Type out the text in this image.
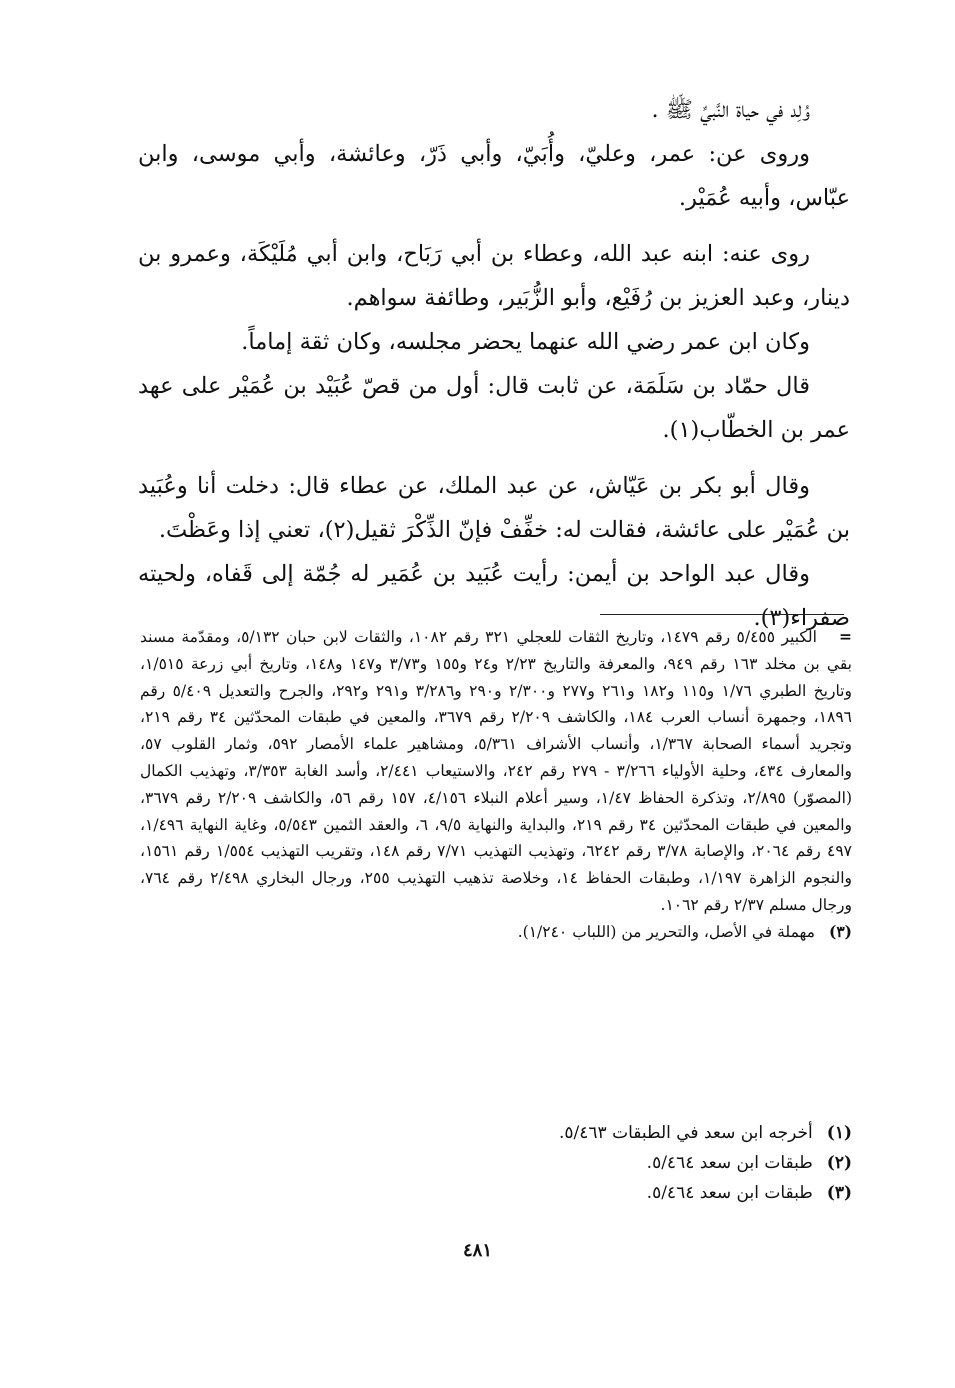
وُلِد في حياة النَّبيِّ ﷺ .

وروى عن: عمر، وعليّ، وأُبَيّ، وأبي ذَرّ، وعائشة، وأبي موسى، وابن عبّاس، وأبيه عُمَيْر.

روى عنه: ابنه عبد الله، وعطاء بن أبي رَبَاح، وابن أبي مُلَيْكَة، وعمرو بن دينار، وعبد العزيز بن رُفَيْع، وأبو الزُّبَير، وطائفة سواهم.

وكان ابن عمر رضي الله عنهما يحضر مجلسه، وكان ثقة إماماً.

قال حمّاد بن سَلَمَة، عن ثابت قال: أول من قصّ عُبَيْد بن عُمَيْر على عهد عمر بن الخطّاب(١).

وقال أبو بكر بن عَيّاش، عن عبد الملك، عن عطاء قال: دخلت أنا وعُبَيد بن عُمَيْر على عائشة، فقالت له: خفِّفْ فإنّ الذِّكْرَ ثقيل(٢)، تعني إذا وعَظْتَ.

وقال عبد الواحد بن أيمن: رأيت عُبَيد بن عُمَير له جُمّة إلى قَفاه، ولحيته صفراء(٣).

=الكبير ٥/٤٥٥ رقم ١٤٧٩، وتاريخ الثقات للعجلي ٣٢١ رقم ١٠٨٢، والثقات لابن حبان ٥/١٣٢، ومقدّمة مسند بقي بن مخلد ١٦٣ رقم ٩٤٩، والمعرفة والتاريخ ٢/٢٣ و٢٤ و١٥٥ و٣/٧٣ و١٤٧ و١٤٨، وتاريخ أبي زرعة ١/٥١٥، وتاريخ الطبري ١/٧٦ و١١٥ و١٨٢ و٢٦١ و٢٧٧ و٢/٣٠٠ و٢٩٠ و٣/٢٨٦ و٢٩١ و٢٩٢، والجرح والتعديل ٥/٤٠٩ رقم ١٨٩٦، وجمهرة أنساب العرب ١٨٤، والكاشف ٢/٢٠٩ رقم ٣٦٧٩، والمعين في طبقات المحدّثين ٣٤ رقم ٢١٩، وتجريد أسماء الصحابة ١/٣٦٧، وأنساب الأشراف ٥/٣٦١، ومشاهير علماء الأمصار ٥٩٢، وثمار القلوب ٥٧، والمعارف ٤٣٤، وحلية الأولياء ٣/٢٦٦ - ٢٧٩ رقم ٢٤٢، والاستيعاب ٢/٤٤١، وأسد الغابة ٣/٣٥٣، وتهذيب الكمال (المصوّر) ٢/٨٩٥، وتذكرة الحفاظ ١/٤٧، وسير أعلام النبلاء ٤/١٥٦، ١٥٧ رقم ٥٦، والكاشف ٢/٢٠٩ رقم ٣٦٧٩، والمعين في طبقات المحدّثين ٣٤ رقم ٢١٩، والبداية والنهاية ٩/٥، ٦، والعقد الثمين ٥/٥٤٣، وغاية النهاية ١/٤٩٦، ٤٩٧ رقم ٢٠٦٤، والإصابة ٣/٧٨ رقم ٦٢٤٢، وتهذيب التهذيب ٧/٧١ رقم ١٤٨، وتقريب التهذيب ١/٥٥٤ رقم ١٥٦١، والنجوم الزاهرة ١/١٩٧، وطبقات الحفاظ ١٤، وخلاصة تذهيب التهذيب ٢٥٥، ورجال البخاري ٢/٤٩٨ رقم ٧٦٤، ورجال مسلم ٢/٣٧ رقم ١٠٦٢.

(٣)مهملة في الأصل، والتحرير من (اللباب ١/٢٤٠).

(١)أخرجه ابن سعد في الطبقات ٥/٤٦٣.

(٢)طبقات ابن سعد ٥/٤٦٤.

(٣)طبقات ابن سعد ٥/٤٦٤.

٤٨١
